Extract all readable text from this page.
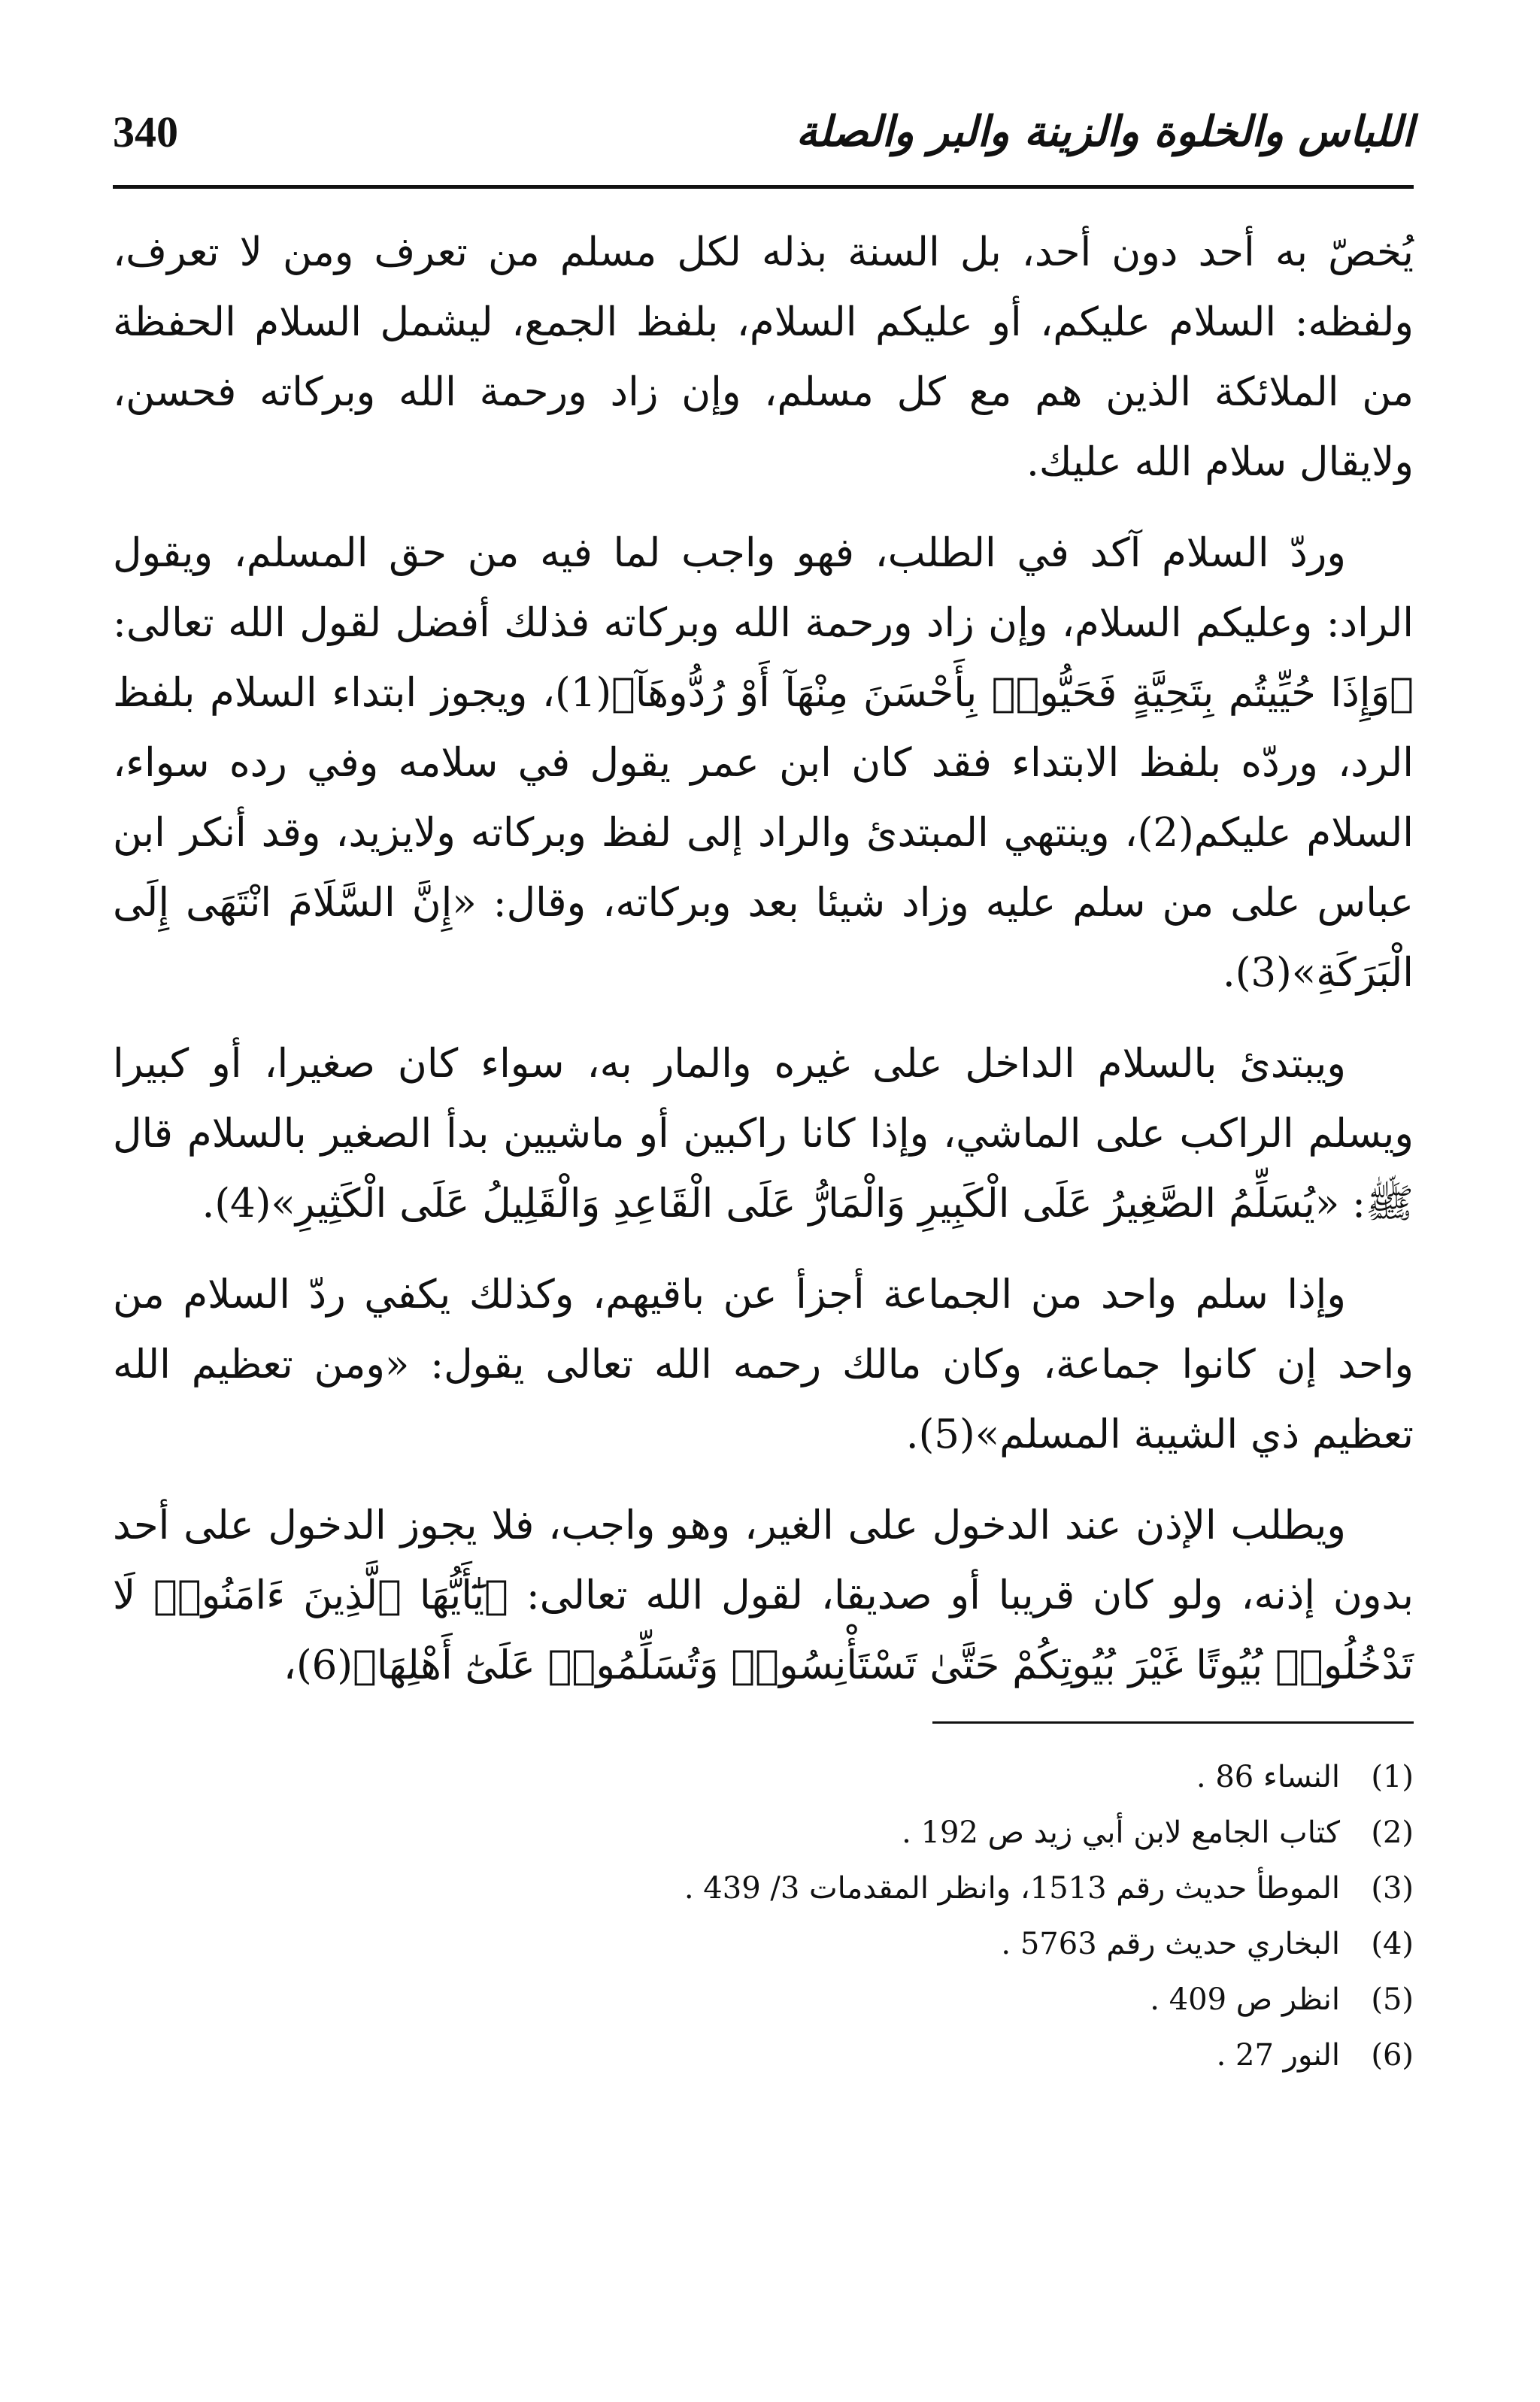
340	اللباس والخلوة والزينة والبر والصلة

يُخصّ به أحد دون أحد، بل السنة بذله لكل مسلم من تعرف ومن لا تعرف، ولفظه: السلام عليكم، أو عليكم السلام، بلفظ الجمع، ليشمل السلام الحفظة من الملائكة الذين هم مع كل مسلم، وإن زاد ورحمة الله وبركاته فحسن، ولايقال سلام الله عليك.

وردّ السلام آكد في الطلب، فهو واجب لما فيه من حق المسلم، ويقول الراد: وعليكم السلام، وإن زاد ورحمة الله وبركاته فذلك أفضل لقول الله تعالى: ﴿وَإِذَا حُيِّيتُم بِتَحِيَّةٍ فَحَيُّوا۟ بِأَحْسَنَ مِنْهَآ أَوْ رُدُّوهَآ﴾(1)، ويجوز ابتداء السلام بلفظ الرد، وردّه بلفظ الابتداء فقد كان ابن عمر يقول في سلامه وفي رده سواء، السلام عليكم(2)، وينتهي المبتدئ والراد إلى لفظ وبركاته ولايزيد، وقد أنكر ابن عباس على من سلم عليه وزاد شيئا بعد وبركاته، وقال: «إِنَّ السَّلَامَ انْتَهَى إِلَى الْبَرَكَةِ»(3).

ويبتدئ بالسلام الداخل على غيره والمار به، سواء كان صغيرا، أو كبيرا ويسلم الراكب على الماشي، وإذا كانا راكبين أو ماشيين بدأ الصغير بالسلام قال ﷺ: «يُسَلِّمُ الصَّغِيرُ عَلَى الْكَبِيرِ وَالْمَارُّ عَلَى الْقَاعِدِ وَالْقَلِيلُ عَلَى الْكَثِيرِ»(4).

وإذا سلم واحد من الجماعة أجزأ عن باقيهم، وكذلك يكفي ردّ السلام من واحد إن كانوا جماعة، وكان مالك رحمه الله تعالى يقول: «ومن تعظيم الله تعظيم ذي الشيبة المسلم»(5).

ويطلب الإذن عند الدخول على الغير، وهو واجب، فلا يجوز الدخول على أحد بدون إذنه، ولو كان قريبا أو صديقا، لقول الله تعالى: ﴿يَٰٓأَيُّهَا ٱلَّذِينَ ءَامَنُوا۟ لَا تَدْخُلُوا۟ بُيُوتًا غَيْرَ بُيُوتِكُمْ حَتَّىٰ تَسْتَأْنِسُوا۟ وَتُسَلِّمُوا۟ عَلَىٰٓ أَهْلِهَا﴾(6)،

(1)
النساء 86 .
(2)
كتاب الجامع لابن أبي زيد ص 192 .
(3)
الموطأ حديث رقم 1513، وانظر المقدمات 3/ 439 .
(4)
البخاري حديث رقم 5763 .
(5)
انظر ص 409 .
(6)
النور 27 .
